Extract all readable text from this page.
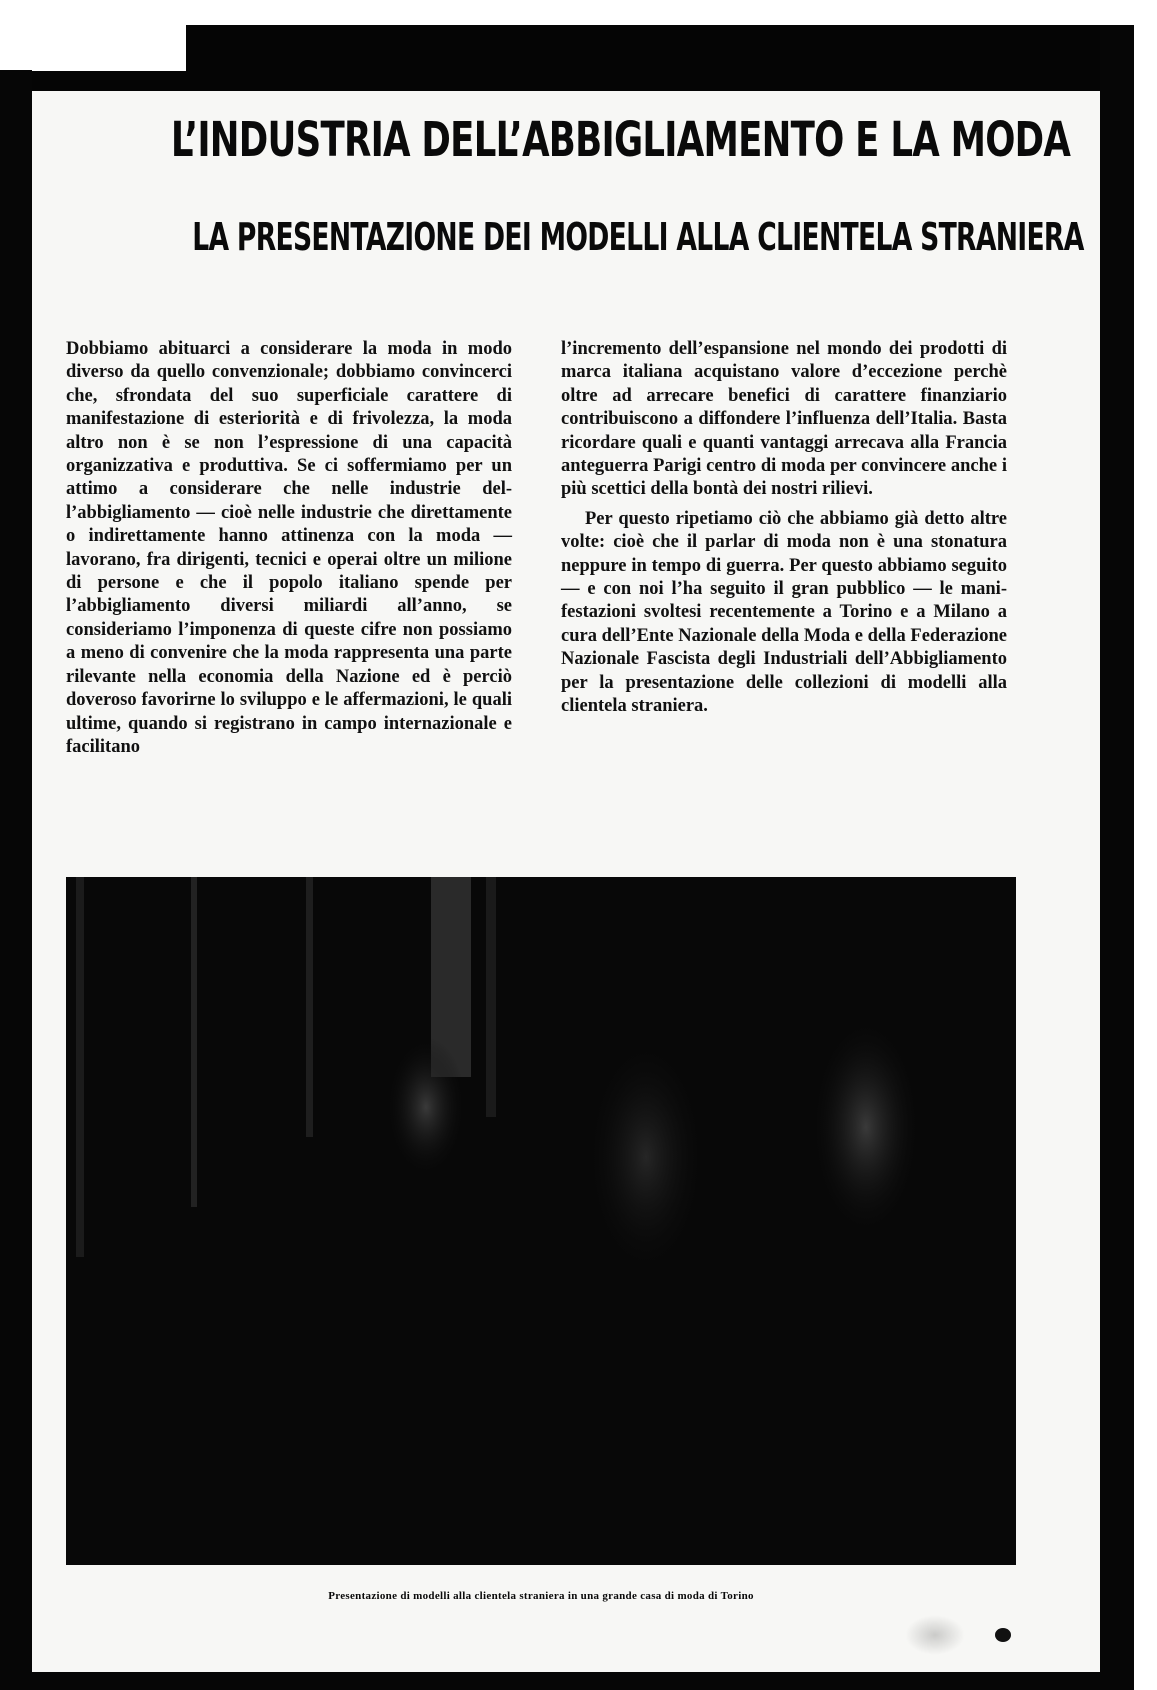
L’INDUSTRIA DELL’ABBIGLIAMENTO E LA MODA
LA PRESENTAZIONE DEI MODELLI ALLA CLIENTELA STRANIERA

Dobbiamo abituarci a considerare la moda in modo diverso da quello convenzionale; dobbiamo convincerci che, sfrondata del suo superficiale carattere di manifestazione di esteriorità e di frivolezza, la moda altro non è se non l’espressione di una capacità organizzativa e produttiva. Se ci soffermiamo per un attimo a considerare che nelle industrie dell’abbigliamento — cioè nelle industrie che direttamente o indirettamente hanno attinenza con la moda — lavorano, fra dirigenti, tecnici e operai oltre un milione di persone e che il popolo italiano spende per l’abbigliamento diversi miliardi all’anno, se consideriamo l’imponenza di queste cifre non possiamo a meno di convenire che la moda rappresenta una parte rilevante nella economia della Nazione ed è perciò doveroso favorirne lo sviluppo e le affermazioni, le quali ultime, quando si registrano in campo internazionale e facilitano

l’incremento dell’espansione nel mondo dei prodotti di marca italiana acquistano valore d’eccezione perchè oltre ad arrecare benefici di carattere finanziario contribuiscono a diffondere l’influenza dell’Italia. Basta ricordare quali e quanti vantaggi arrecava alla Francia anteguerra Parigi centro di moda per convincere anche i più scettici della bontà dei nostri rilievi.

Per questo ripetiamo ciò che abbiamo già detto altre volte: cioè che il parlar di moda non è una stonatura neppure in tempo di guerra. Per questo abbiamo seguito — e con noi l’ha seguito il gran pubblico — le manifestazioni svoltesi recentemente a Torino e a Milano a cura dell’Ente Nazionale della Moda e della Federazione Nazionale Fascista degli Industriali dell’Abbigliamento per la presentazione delle collezioni di modelli alla clientela straniera.

Presentazione di modelli alla clientela straniera in una grande casa di moda di Torino
